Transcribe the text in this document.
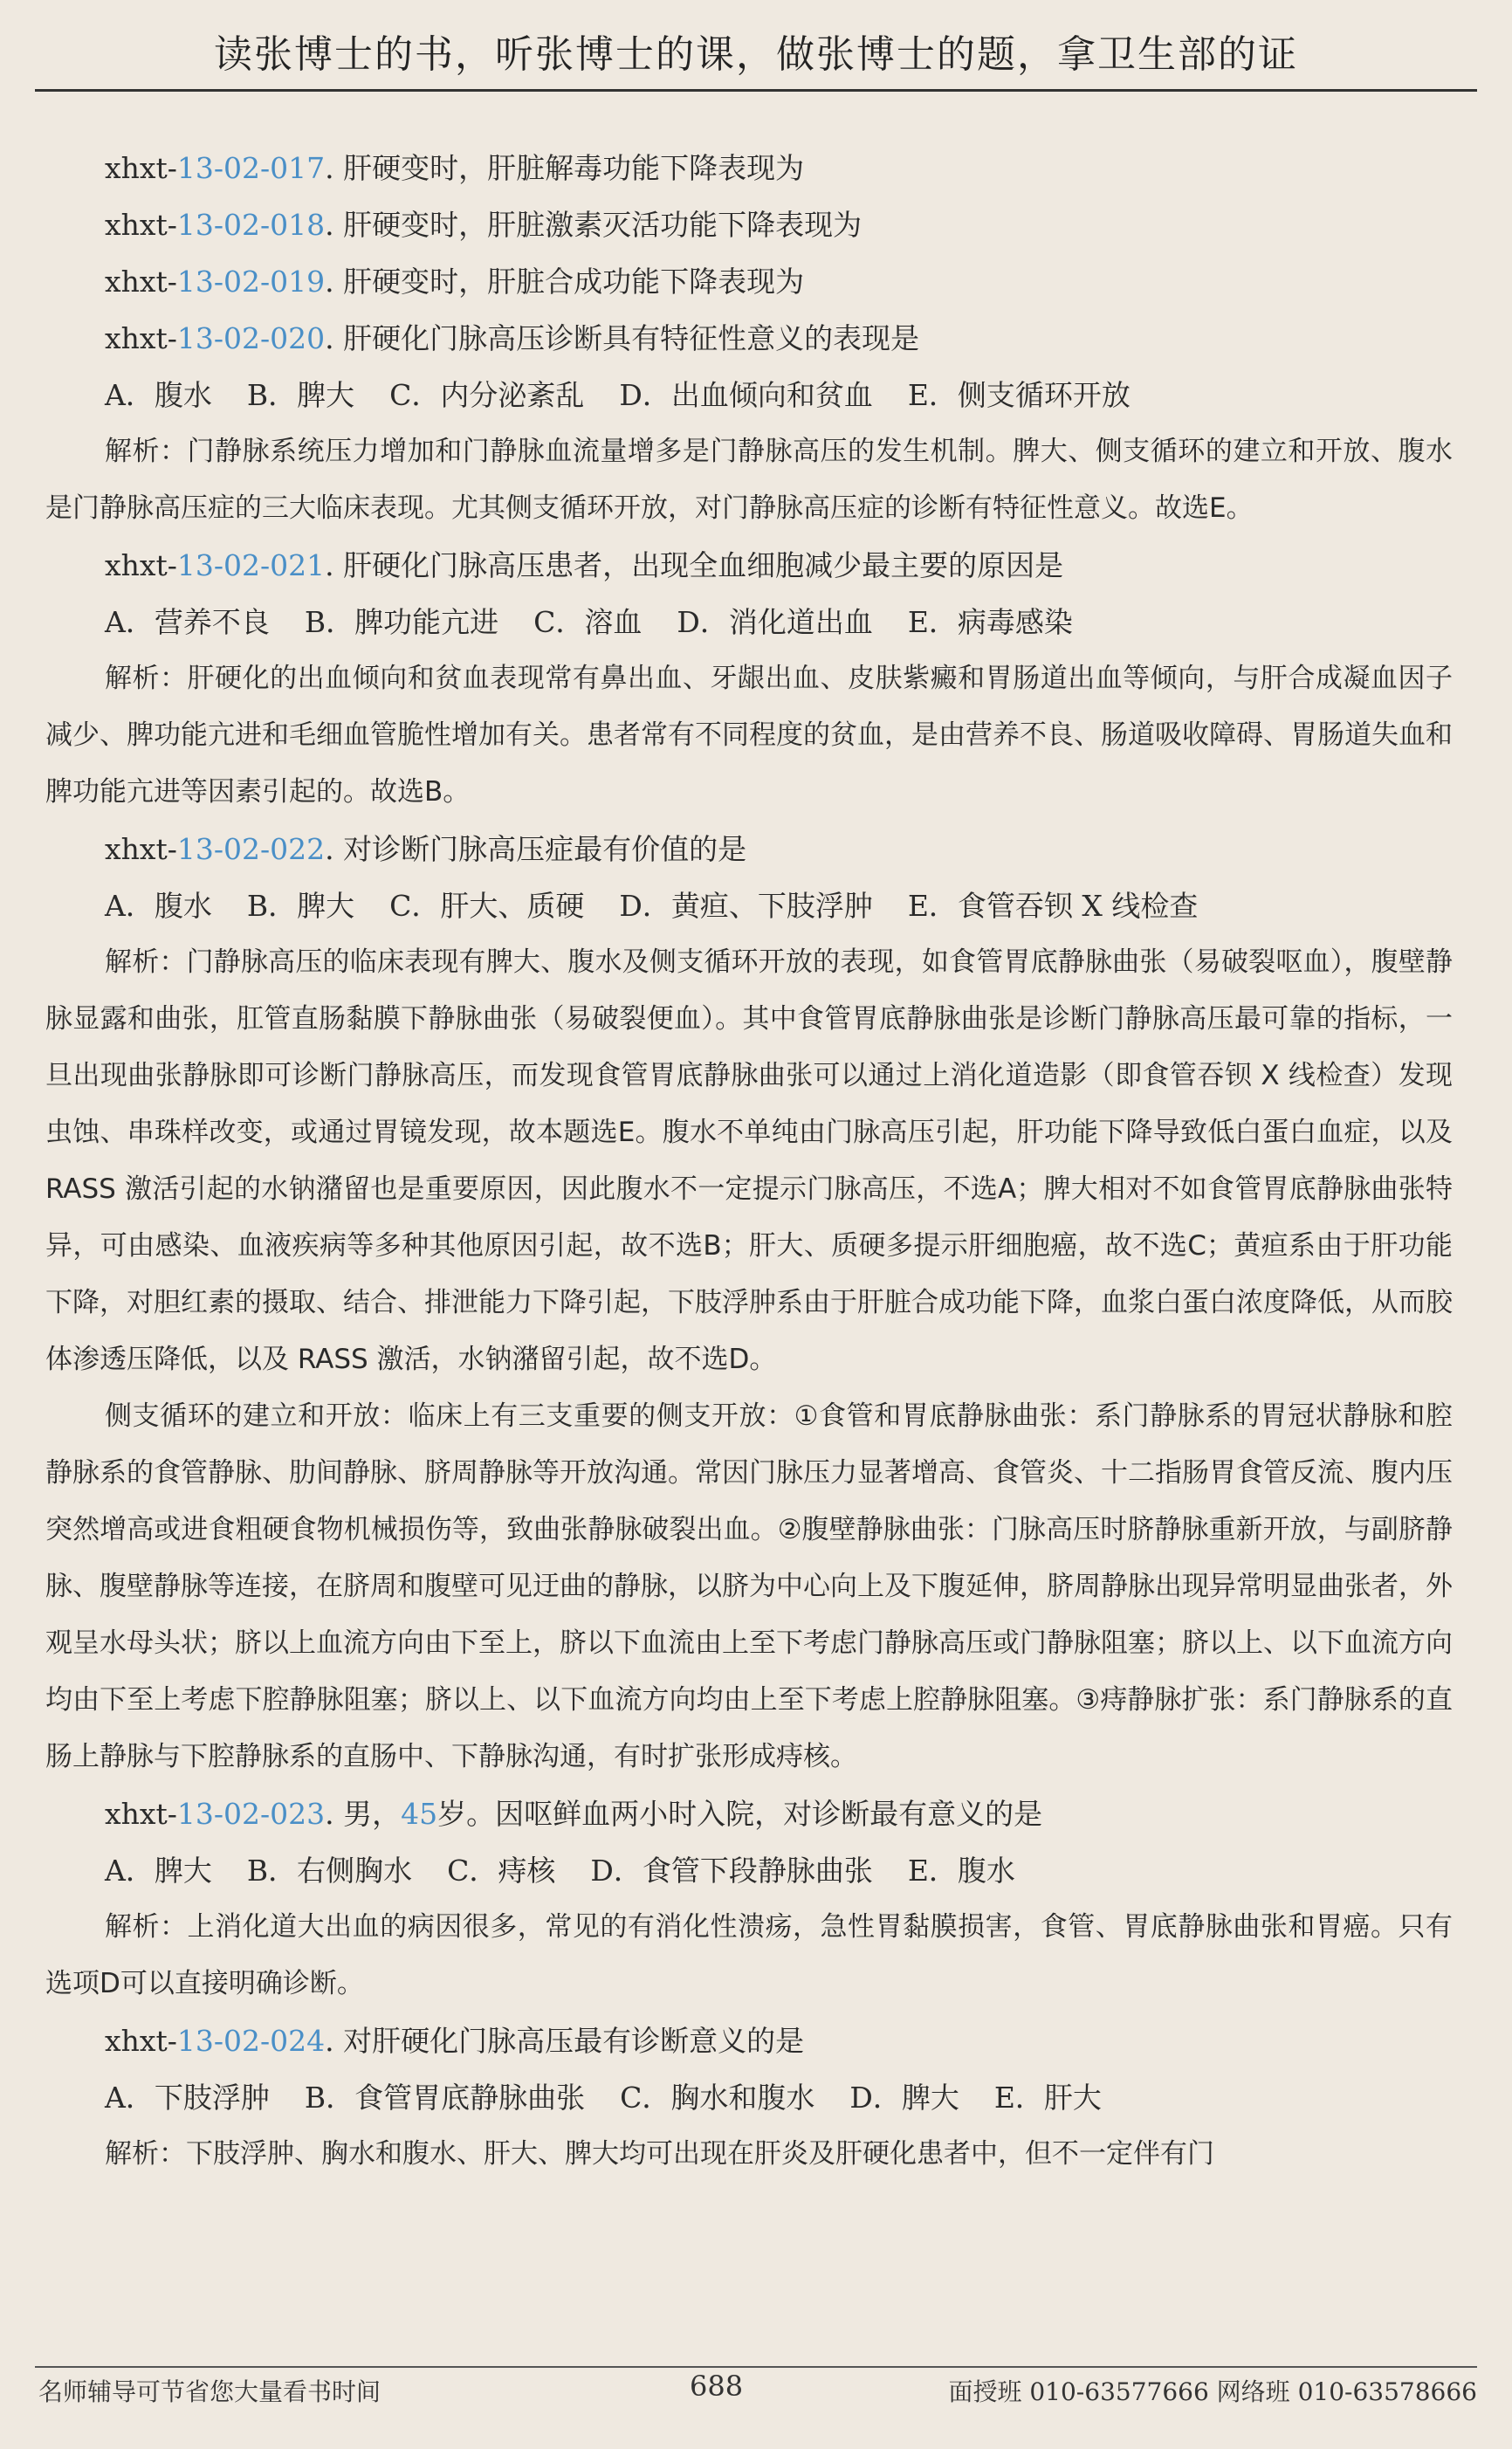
读张博士的书，听张博士的课，做张博士的题，拿卫生部的证
xhxt-13-02-017. 肝硬变时，肝脏解毒功能下降表现为
xhxt-13-02-018. 肝硬变时，肝脏激素灭活功能下降表现为
xhxt-13-02-019. 肝硬变时，肝脏合成功能下降表现为
xhxt-13-02-020. 肝硬化门脉高压诊断具有特征性意义的表现是
A．腹水 B．脾大 C．内分泌紊乱 D．出血倾向和贫血 E．侧支循环开放
解析：门静脉系统压力增加和门静脉血流量增多是门静脉高压的发生机制。脾大、侧支循环的建立和开放、腹水是门静脉高压症的三大临床表现。尤其侧支循环开放，对门静脉高压症的诊断有特征性意义。故选E。
xhxt-13-02-021. 肝硬化门脉高压患者，出现全血细胞减少最主要的原因是
A．营养不良 B．脾功能亢进 C．溶血 D．消化道出血 E．病毒感染
解析：肝硬化的出血倾向和贫血表现常有鼻出血、牙龈出血、皮肤紫癜和胃肠道出血等倾向，与肝合成凝血因子减少、脾功能亢进和毛细血管脆性增加有关。患者常有不同程度的贫血，是由营养不良、肠道吸收障碍、胃肠道失血和脾功能亢进等因素引起的。故选B。
xhxt-13-02-022. 对诊断门脉高压症最有价值的是
A．腹水 B．脾大 C．肝大、质硬 D．黄疸、下肢浮肿 E．食管吞钡 X 线检查
解析：门静脉高压的临床表现有脾大、腹水及侧支循环开放的表现，如食管胃底静脉曲张（易破裂呕血），腹壁静脉显露和曲张，肛管直肠黏膜下静脉曲张（易破裂便血）。其中食管胃底静脉曲张是诊断门静脉高压最可靠的指标，一旦出现曲张静脉即可诊断门静脉高压，而发现食管胃底静脉曲张可以通过上消化道造影（即食管吞钡 X 线检查）发现虫蚀、串珠样改变，或通过胃镜发现，故本题选E。腹水不单纯由门脉高压引起，肝功能下降导致低白蛋白血症，以及 RASS 激活引起的水钠潴留也是重要原因，因此腹水不一定提示门脉高压，不选A；脾大相对不如食管胃底静脉曲张特异，可由感染、血液疾病等多种其他原因引起，故不选B；肝大、质硬多提示肝细胞癌，故不选C；黄疸系由于肝功能下降，对胆红素的摄取、结合、排泄能力下降引起，下肢浮肿系由于肝脏合成功能下降，血浆白蛋白浓度降低，从而胶体渗透压降低，以及 RASS 激活，水钠潴留引起，故不选D。
侧支循环的建立和开放：临床上有三支重要的侧支开放：①食管和胃底静脉曲张：系门静脉系的胃冠状静脉和腔静脉系的食管静脉、肋间静脉、脐周静脉等开放沟通。常因门脉压力显著增高、食管炎、十二指肠胃食管反流、腹内压突然增高或进食粗硬食物机械损伤等，致曲张静脉破裂出血。②腹壁静脉曲张：门脉高压时脐静脉重新开放，与副脐静脉、腹壁静脉等连接，在脐周和腹壁可见迂曲的静脉，以脐为中心向上及下腹延伸，脐周静脉出现异常明显曲张者，外观呈水母头状；脐以上血流方向由下至上，脐以下血流由上至下考虑门静脉高压或门静脉阻塞；脐以上、以下血流方向均由下至上考虑下腔静脉阻塞；脐以上、以下血流方向均由上至下考虑上腔静脉阻塞。③痔静脉扩张：系门静脉系的直肠上静脉与下腔静脉系的直肠中、下静脉沟通，有时扩张形成痔核。
xhxt-13-02-023. 男，45岁。因呕鲜血两小时入院，对诊断最有意义的是
A．脾大 B．右侧胸水 C．痔核 D．食管下段静脉曲张 E．腹水
解析：上消化道大出血的病因很多，常见的有消化性溃疡，急性胃黏膜损害，食管、胃底静脉曲张和胃癌。只有选项D可以直接明确诊断。
xhxt-13-02-024. 对肝硬化门脉高压最有诊断意义的是
A．下肢浮肿 B．食管胃底静脉曲张 C．胸水和腹水 D．脾大 E．肝大
解析：下肢浮肿、胸水和腹水、肝大、脾大均可出现在肝炎及肝硬化患者中，但不一定伴有门
名师辅导可节省您大量看书时间	688	面授班 010-63577666 网络班 010-63578666
